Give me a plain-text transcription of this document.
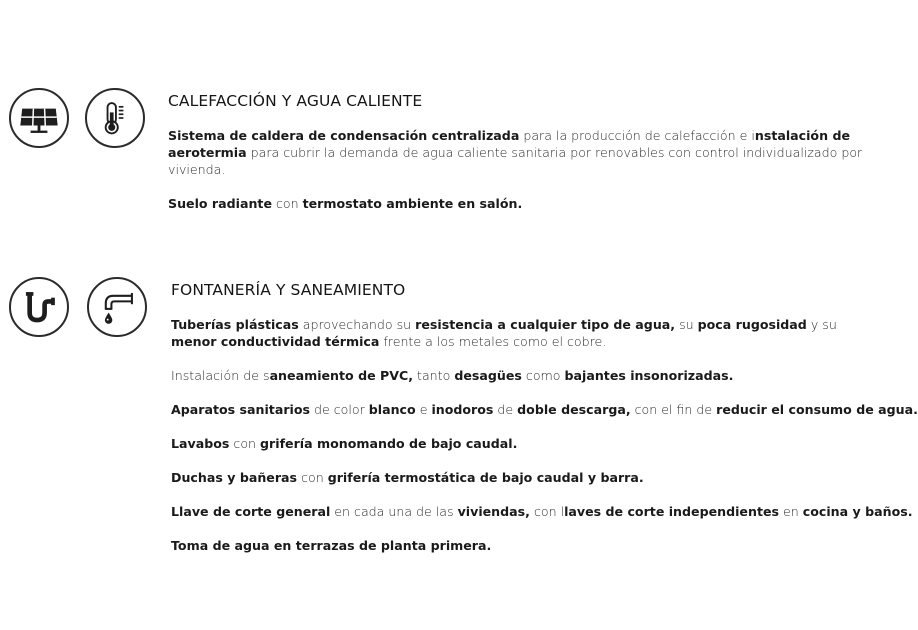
CALEFACCIÓN Y AGUA CALIENTE

Sistema de caldera de condensación centralizada para la producción de calefacción e instalación de aerotermia para cubrir la demanda de agua caliente sanitaria por renovables con control individualizado por vivienda.

Suelo radiante con termostato ambiente en salón.

FONTANERÍA Y SANEAMIENTO

Tuberías plásticas aprovechando su resistencia a cualquier tipo de agua, su poca rugosidad y su menor conductividad térmica frente a los metales como el cobre.

Instalación de saneamiento de PVC, tanto desagües como bajantes insonorizadas.

Aparatos sanitarios de color blanco e inodoros de doble descarga, con el fin de reducir el consumo de agua.

Lavabos con grifería monomando de bajo caudal.

Duchas y bañeras con grifería termostática de bajo caudal y barra.

Llave de corte general en cada una de las viviendas, con llaves de corte independientes en cocina y baños.

Toma de agua en terrazas de planta primera.
